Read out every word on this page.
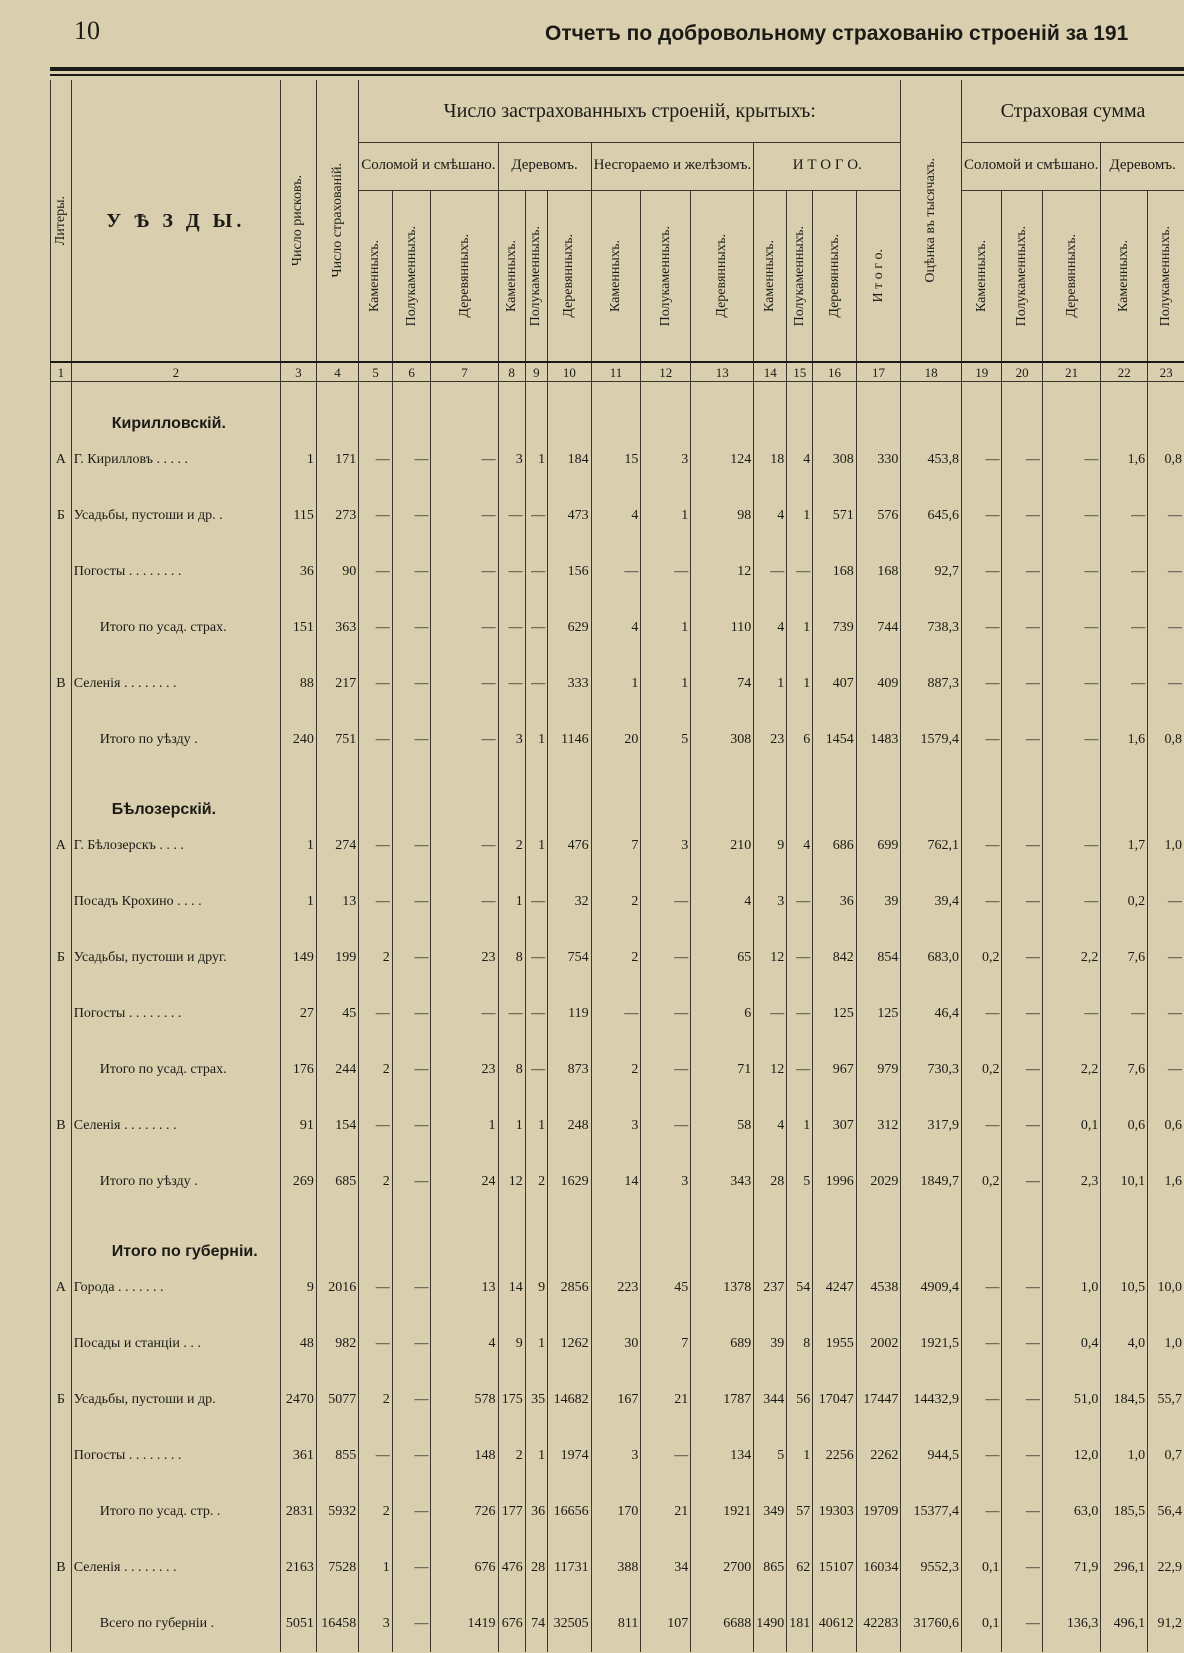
10	Отчетъ по добровольному страхованію строеній за 191
Литеры.	У Ѣ З Д Ы.	Число рисковъ.	Число страхованій.	Число застрахованныхъ строеній, крытыхъ:													Оцѣнка въ тысячахъ.	Страховая сумма				
				Соломой и смѣшано.			Деревомъ.			Несгораемо и желѣзомъ.			И Т О Г О.					Соломой и смѣшано.			Деревомъ.	

				Каменныхъ.	Полукаменныхъ.	Деревянныхъ.	Каменныхъ.	Полукаменныхъ.	Деревянныхъ.	Каменныхъ.	Полукаменныхъ.	Деревянныхъ.	Каменныхъ.	Полукаменныхъ.	Деревянныхъ.	И т о г о.		Каменныхъ.	Полукаменныхъ.	Деревянныхъ.	Каменныхъ.	Полукаменныхъ.

1	2	3	4	5	6	7	8	9	10	11	12	13	14	15	16	17	18	19	20	21	22	23
	Кирилловскій.																					
А	Г. Кирилловъ . . . . .	1	171	—	—	—	3	1	184	15	3	124	18	4	308	330	453,8	—	—	—	1,6	0,8
Б	Усадьбы, пустоши и др. .	115	273	—	—	—	—	—	473	4	1	98	4	1	571	576	645,6	—	—	—	—	—
	Погосты . . . . . . . .	36	90	—	—	—	—	—	156	—	—	12	—	—	168	168	92,7	—	—	—	—	—
	Итого по усад. страх.	151	363	—	—	—	—	—	629	4	1	110	4	1	739	744	738,3	—	—	—	—	—
В	Селенія . . . . . . . .	88	217	—	—	—	—	—	333	1	1	74	1	1	407	409	887,3	—	—	—	—	—
	Итого по уѣзду .	240	751	—	—	—	3	1	1146	20	5	308	23	6	1454	1483	1579,4	—	—	—	1,6	0,8
	Бѣлозерскій.																					
А	Г. Бѣлозерскъ . . . .	1	274	—	—	—	2	1	476	7	3	210	9	4	686	699	762,1	—	—	—	1,7	1,0
	Посадъ Крохино . . . .	1	13	—	—	—	1	—	32	2	—	4	3	—	36	39	39,4	—	—	—	0,2	—
Б	Усадьбы, пустоши и друг.	149	199	2	—	23	8	—	754	2	—	65	12	—	842	854	683,0	0,2	—	2,2	7,6	—
	Погосты . . . . . . . .	27	45	—	—	—	—	—	119	—	—	6	—	—	125	125	46,4	—	—	—	—	—
	Итого по усад. страх.	176	244	2	—	23	8	—	873	2	—	71	12	—	967	979	730,3	0,2	—	2,2	7,6	—
В	Селенія . . . . . . . .	91	154	—	—	1	1	1	248	3	—	58	4	1	307	312	317,9	—	—	0,1	0,6	0,6
	Итого по уѣзду .	269	685	2	—	24	12	2	1629	14	3	343	28	5	1996	2029	1849,7	0,2	—	2,3	10,1	1,6
	Итого по губерніи.																					
А	Города . . . . . . .	9	2016	—	—	13	14	9	2856	223	45	1378	237	54	4247	4538	4909,4	—	—	1,0	10,5	10,0
	Посады и станціи . . .	48	982	—	—	4	9	1	1262	30	7	689	39	8	1955	2002	1921,5	—	—	0,4	4,0	1,0
Б	Усадьбы, пустоши и др.	2470	5077	2	—	578	175	35	14682	167	21	1787	344	56	17047	17447	14432,9	—	—	51,0	184,5	55,7
	Погосты . . . . . . . .	361	855	—	—	148	2	1	1974	3	—	134	5	1	2256	2262	944,5	—	—	12,0	1,0	0,7
	Итого по усад. стр. .	2831	5932	2	—	726	177	36	16656	170	21	1921	349	57	19303	19709	15377,4	—	—	63,0	185,5	56,4
В	Селенія . . . . . . . .	2163	7528	1	—	676	476	28	11731	388	34	2700	865	62	15107	16034	9552,3	0,1	—	71,9	296,1	22,9
	Всего по губерніи .	5051	16458	3	—	1419	676	74	32505	811	107	6688	1490	181	40612	42283	31760,6	0,1	—	136,3	496,1	91,2
